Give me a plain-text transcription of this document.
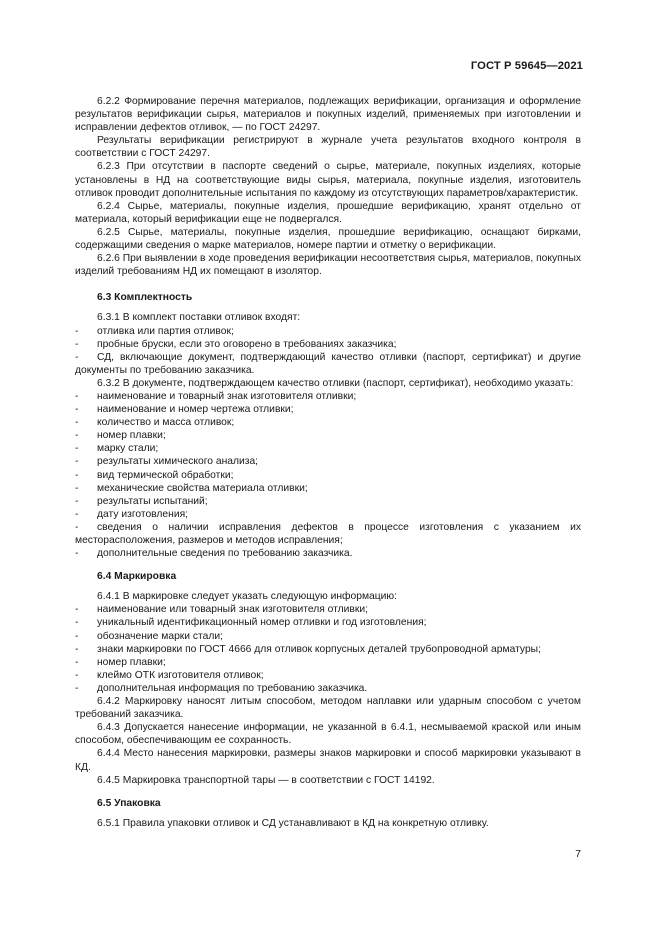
ГОСТ Р 59645—2021

6.2.2 Формирование перечня материалов, подлежащих верификации, организация и оформление результатов верификации сырья, материалов и покупных изделий, применяемых при изготовлении и исправлении дефектов отливок, — по ГОСТ 24297.

Результаты верификации регистрируют в журнале учета результатов входного контроля в соответствии с ГОСТ 24297.

6.2.3 При отсутствии в паспорте сведений о сырье, материале, покупных изделиях, которые установлены в НД на соответствующие виды сырья, материала, покупные изделия, изготовитель отливок проводит дополнительные испытания по каждому из отсутствующих параметров/характеристик.

6.2.4 Сырье, материалы, покупные изделия, прошедшие верификацию, хранят отдельно от материала, который верификации еще не подвергался.

6.2.5 Сырье, материалы, покупные изделия, прошедшие верификацию, оснащают бирками, содержащими сведения о марке материалов, номере партии и отметку о верификации.

6.2.6 При выявлении в ходе проведения верификации несоответствия сырья, материалов, покупных изделий требованиям НД их помещают в изолятор.

6.3 Комплектность

6.3.1 В комплект поставки отливок входят:

- отливка или партия отливок;

- пробные бруски, если это оговорено в требованиях заказчика;

- СД, включающие документ, подтверждающий качество отливки (паспорт, сертификат) и другие документы по требованию заказчика.

6.3.2 В документе, подтверждающем качество отливки (паспорт, сертификат), необходимо указать:

- наименование и товарный знак изготовителя отливки;

- наименование и номер чертежа отливки;

- количество и масса отливок;

- номер плавки;

- марку стали;

- результаты химического анализа;

- вид термической обработки;

- механические свойства материала отливки;

- результаты испытаний;

- дату изготовления;

- сведения о наличии исправления дефектов в процессе изготовления с указанием их месторасположения, размеров и методов исправления;

- дополнительные сведения по требованию заказчика.

6.4 Маркировка

6.4.1 В маркировке следует указать следующую информацию:

- наименование или товарный знак изготовителя отливки;

- уникальный идентификационный номер отливки и год изготовления;

- обозначение марки стали;

- знаки маркировки по ГОСТ 4666 для отливок корпусных деталей трубопроводной арматуры;

- номер плавки;

- клеймо ОТК изготовителя отливок;

- дополнительная информация по требованию заказчика.

6.4.2 Маркировку наносят литым способом, методом наплавки или ударным способом с учетом требований заказчика.

6.4.3 Допускается нанесение информации, не указанной в 6.4.1, несмываемой краской или иным способом, обеспечивающим ее сохранность.

6.4.4 Место нанесения маркировки, размеры знаков маркировки и способ маркировки указывают в КД.

6.4.5 Маркировка транспортной тары — в соответствии с ГОСТ 14192.

6.5 Упаковка

6.5.1 Правила упаковки отливок и СД устанавливают в КД на конкретную отливку.

7
